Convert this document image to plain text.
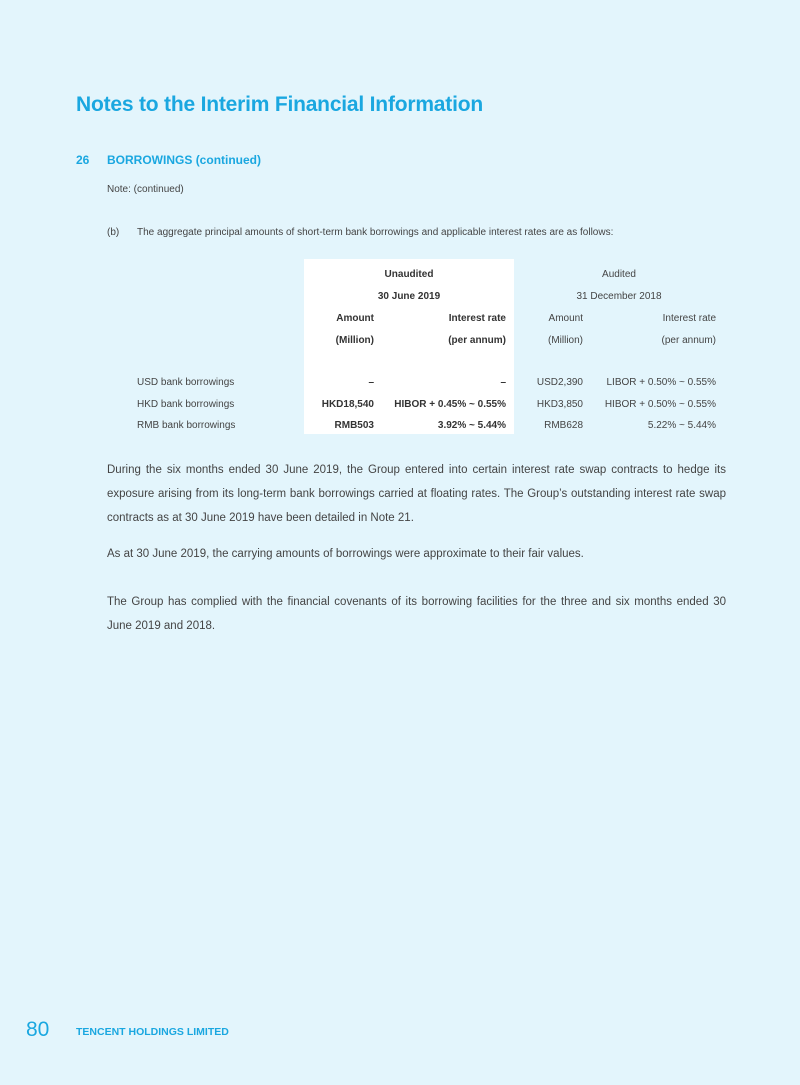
Notes to the Interim Financial Information
26 BORROWINGS (continued)
Note: (continued)
(b) The aggregate principal amounts of short-term bank borrowings and applicable interest rates are as follows:
Unaudited	Audited
30 June 2019	31 December 2018
Amount	Interest rate	Amount	Interest rate
(Million)	(per annum)	(Million)	(per annum)
USD bank borrowings	–	–	USD2,390	LIBOR + 0.50% ~ 0.55%
HKD bank borrowings	HKD18,540	HIBOR + 0.45% ~ 0.55%	HKD3,850	HIBOR + 0.50% ~ 0.55%
RMB bank borrowings	RMB503	3.92% ~ 5.44%	RMB628	5.22% ~ 5.44%
During the six months ended 30 June 2019, the Group entered into certain interest rate swap contracts to hedge its exposure arising from its long-term bank borrowings carried at floating rates. The Group’s outstanding interest rate swap contracts as at 30 June 2019 have been detailed in Note 21.
As at 30 June 2019, the carrying amounts of borrowings were approximate to their fair values.
The Group has complied with the financial covenants of its borrowing facilities for the three and six months ended 30 June 2019 and 2018.
80	TENCENT HOLDINGS LIMITED
